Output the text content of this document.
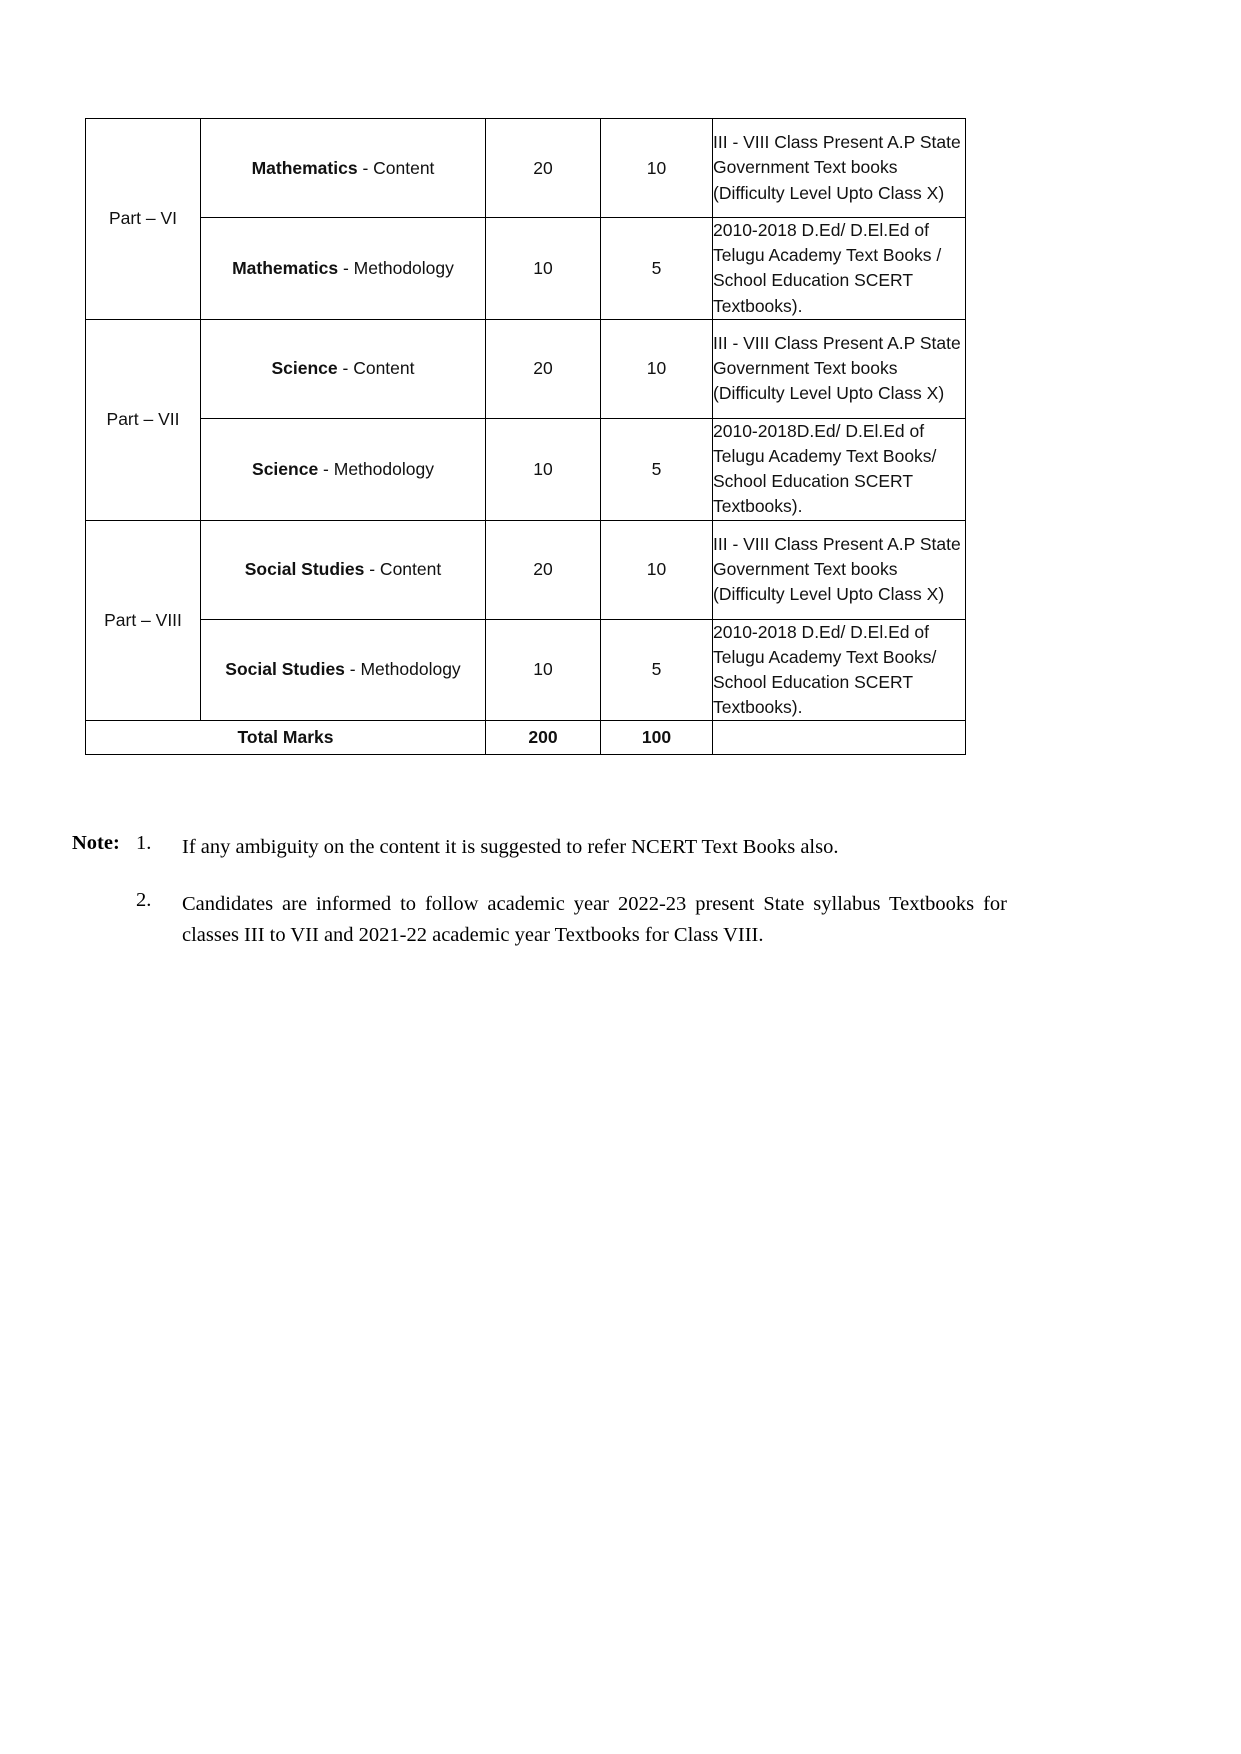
Part – VI	Mathematics - Content	20	10	III - VIII Class Present A.P State Government Text books (Difficulty Level Upto Class X)
	Mathematics - Methodology	10	5	2010-2018 D.Ed/ D.El.Ed of Telugu Academy Text Books / School Education SCERT Textbooks).

Part – VII	Science - Content	20	10	III - VIII Class Present A.P State Government Text books (Difficulty Level Upto Class X)
	Science - Methodology	10	5	2010-2018D.Ed/ D.El.Ed of Telugu Academy Text Books/ School Education SCERT Textbooks).

Part – VIII	Social Studies - Content	20	10	III - VIII Class Present A.P State Government Text books (Difficulty Level Upto Class X)
	Social Studies - Methodology	10	5	2010-2018 D.Ed/ D.El.Ed of Telugu Academy Text Books/ School Education SCERT Textbooks).
Total Marks		200	100	
Note: 1.	If any ambiguity on the content it is suggested to refer NCERT Text Books also.
2.	Candidates are informed to follow academic year 2022-23 present State syllabus Textbooks for classes III to VII and 2021-22 academic year Textbooks for Class VIII.
